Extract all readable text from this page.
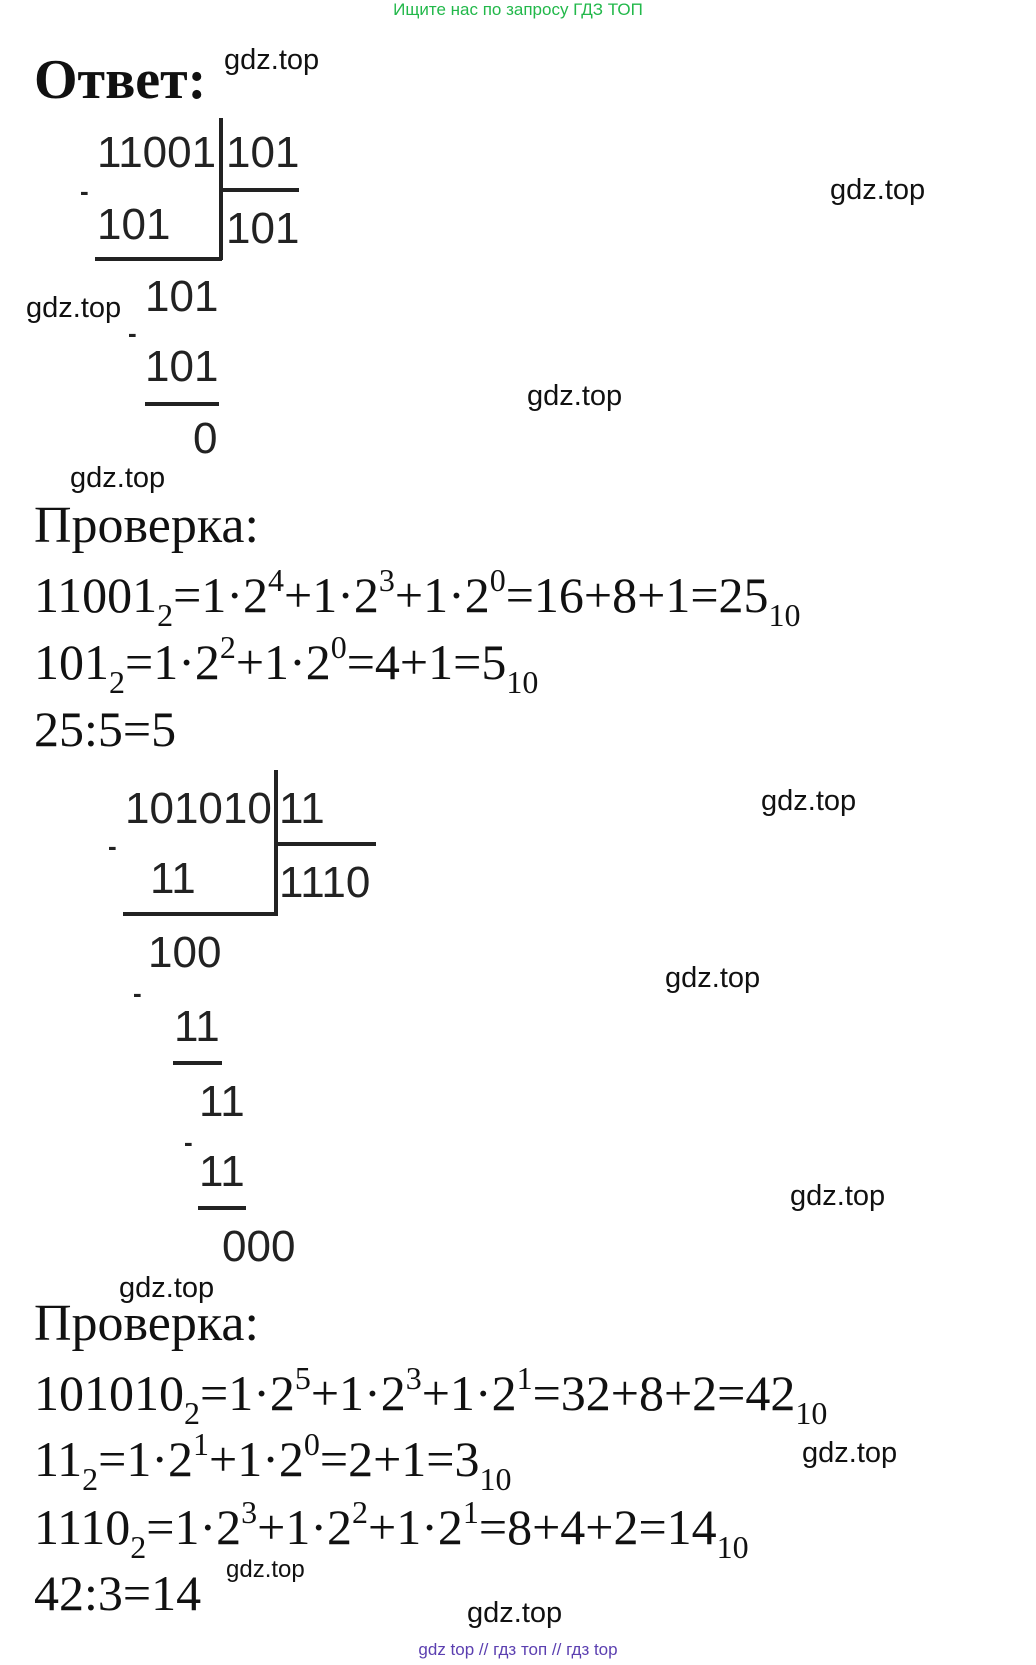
Ищите нас по запросу ГДЗ ТОП
Ответ: gdz.top
gdz.top
gdz.top
gdz.top
gdz.top
gdz.top
gdz.top
gdz.top
gdz.top
gdz.top
gdz.top
gdz.top
11001 101
101
-
101
101
-
101
0
Проверка:
$11001_2=1\cdot 2^4+1\cdot 2^3+1\cdot 2^0=16+8+1=25_{10}$
$101_2=1\cdot 2^2+1\cdot 2^0=4+1=5_{10}$
25:5=5
101010 11
1110
-
11
100
-
11
11
-
11
000
Проверка:
$101010_2=1\cdot 2^5+1\cdot 2^3+1\cdot 2^1=32+8+2=42_{10}$
$11_2=1\cdot 2^1+1\cdot 2^0=2+1=3_{10}$
$1110_2=1\cdot 2^3+1\cdot 2^2+1\cdot 2^1=8+4+2=14_{10}$
42:3=14
gdz top // гдз топ // гдз top
